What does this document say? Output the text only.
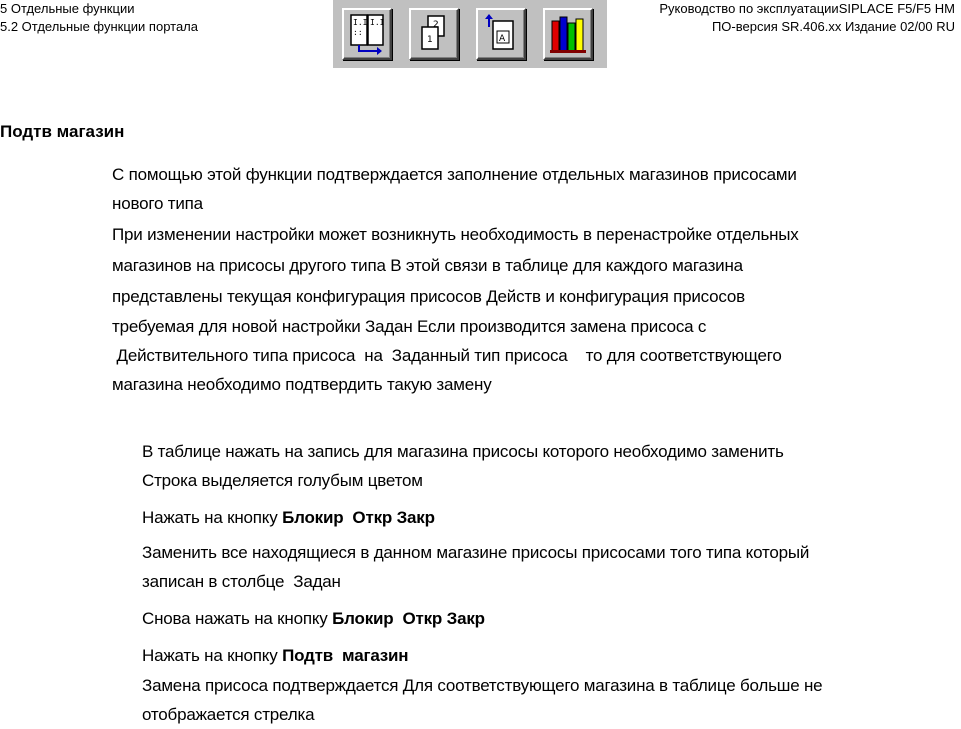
5 Отдельные функции
5.2 Отдельные функции портала	I.I I.I
::
2
1	A
Руководство по эксплуатацииSIPLACE F5/F5 HM
ПО-версия SR.406.xx Издание 02/00 RU
Подтв магазин
С помощью этой функции подтверждается заполнение отдельных магазинов присосами
нового типа
При изменении настройки может возникнуть необходимость в перенастройке отдельных
магазинов на присосы другого типа В этой связи в таблице для каждого магазина
представлены текущая конфигурация присосов Действ и конфигурация присосов
требуемая для новой настройки Задан Если производится замена присоса с
Действительного типа присоса  на  Заданный тип присоса    то для соответствующего
магазина необходимо подтвердить такую замену
В таблице нажать на запись для магазина присосы которого необходимо заменить
Строка выделяется голубым цветом
Нажать на кнопку Блокир  Откр Закр
Заменить все находящиеся в данном магазине присосы присосами того типа который
записан в столбце  Задан
Снова нажать на кнопку Блокир  Откр Закр
Нажать на кнопку Подтв  магазин
Замена присоса подтверждается Для соответствующего магазина в таблице больше не
отображается стрелка
